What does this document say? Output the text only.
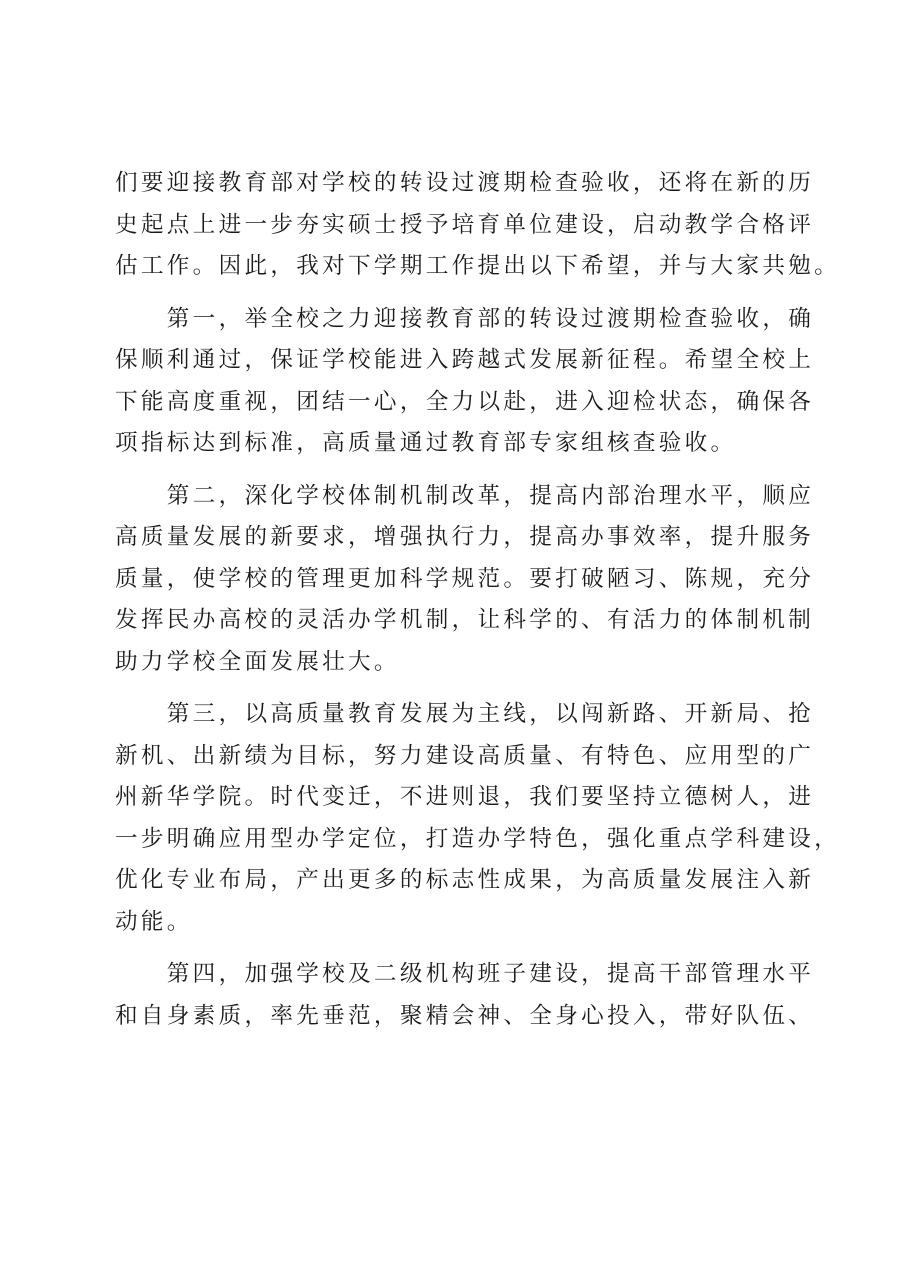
们要迎接教育部对学校的转设过渡期检查验收，还将在新的历
史起点上进一步夯实硕士授予培育单位建设，启动教学合格评
估工作。因此，我对下学期工作提出以下希望，并与大家共勉。
　　第一，举全校之力迎接教育部的转设过渡期检查验收，确
保顺利通过，保证学校能进入跨越式发展新征程。希望全校上
下能高度重视，团结一心，全力以赴，进入迎检状态，确保各
项指标达到标准，高质量通过教育部专家组核查验收。
　　第二，深化学校体制机制改革，提高内部治理水平，顺应
高质量发展的新要求，增强执行力，提高办事效率，提升服务
质量，使学校的管理更加科学规范。要打破陋习、陈规，充分
发挥民办高校的灵活办学机制，让科学的、有活力的体制机制
助力学校全面发展壮大。
　　第三，以高质量教育发展为主线，以闯新路、开新局、抢
新机、出新绩为目标，努力建设高质量、有特色、应用型的广
州新华学院。时代变迁，不进则退，我们要坚持立德树人，进
一步明确应用型办学定位，打造办学特色，强化重点学科建设，
优化专业布局，产出更多的标志性成果，为高质量发展注入新
动能。
　　第四，加强学校及二级机构班子建设，提高干部管理水平
和自身素质，率先垂范，聚精会神、全身心投入，带好队伍、
